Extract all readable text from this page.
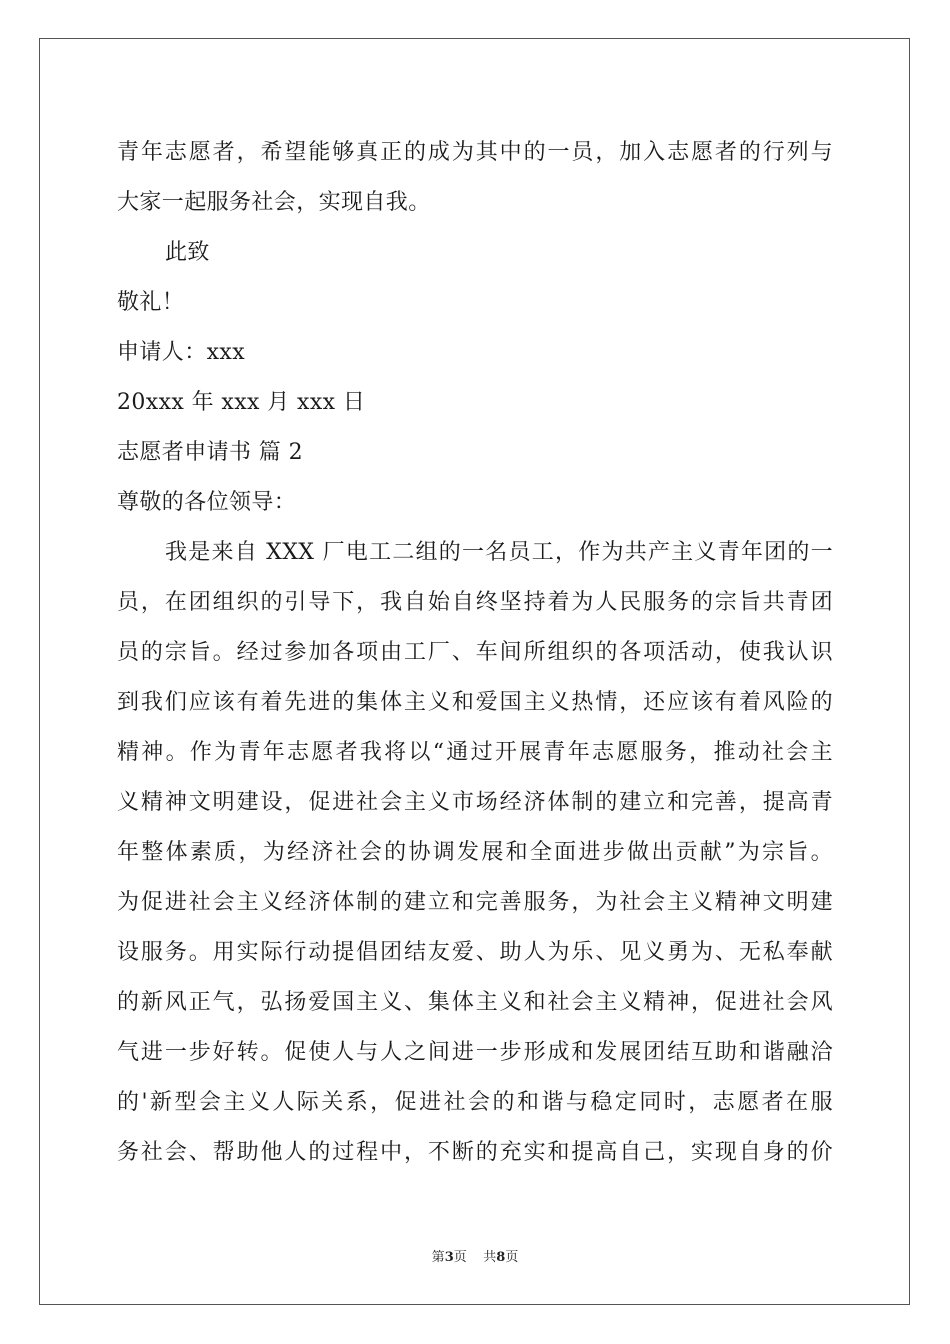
青年志愿者，希望能够真正的成为其中的一员，加入志愿者的行列与
大家一起服务社会，实现自我。
此致
敬礼！
申请人：xxx
20xxx 年 xxx 月 xxx 日
志愿者申请书 篇 2
尊敬的各位领导：
我是来自 XXX 厂电工二组的一名员工，作为共产主义青年团的一
员，在团组织的引导下，我自始自终坚持着为人民服务的宗旨共青团
员的宗旨。经过参加各项由工厂、车间所组织的各项活动，使我认识
到我们应该有着先进的集体主义和爱国主义热情，还应该有着风险的
精神。作为青年志愿者我将以“通过开展青年志愿服务，推动社会主
义精神文明建设，促进社会主义市场经济体制的建立和完善，提高青
年整体素质，为经济社会的协调发展和全面进步做出贡献”为宗旨。
为促进社会主义经济体制的建立和完善服务，为社会主义精神文明建
设服务。用实际行动提倡团结友爱、助人为乐、见义勇为、无私奉献
的新风正气，弘扬爱国主义、集体主义和社会主义精神，促进社会风
气进一步好转。促使人与人之间进一步形成和发展团结互助和谐融洽
的'新型会主义人际关系，促进社会的和谐与稳定同时，志愿者在服
务社会、帮助他人的过程中，不断的充实和提高自己，实现自身的价
第3页    共8页
